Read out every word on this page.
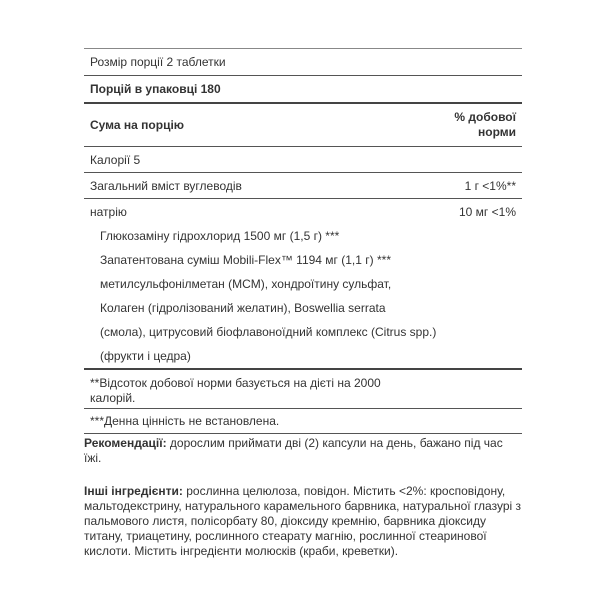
Розмір порції 2 таблетки
Порцій в упаковці 180
Сума на порцію
% добової
норми
Калорії 5
Загальний вміст вуглеводів	1 г <1%**
натрію	10 мг <1%
Глюкозаміну гідрохлорид 1500 мг (1,5 г) ***
Запатентована суміш Mobili-Flex™ 1194 мг (1,1 г) ***
метилсульфонілметан (MCM), хондроїтину сульфат,
Колаген (гідролізований желатин), Boswellia serrata
(смола), цитрусовий біофлавоноїдний комплекс (Citrus spp.)
(фрукти і цедра)
**Відсоток добової норми базується на дієті на 2000
калорій.
***Денна цінність не встановлена.
Рекомендації: дорослим приймати дві (2) капсули на день, бажано під час
їжі.
Інші інгредієнти: рослинна целюлоза, повідон. Містить <2%: кросповідону,
мальтодекстрину, натурального карамельного барвника, натуральної глазурі з
пальмового листя, полісорбату 80, діоксиду кремнію, барвника діоксиду
титану, триацетину, рослинного стеарату магнію, рослинної стеаринової
кислоти. Містить інгредієнти молюсків (краби, креветки).
